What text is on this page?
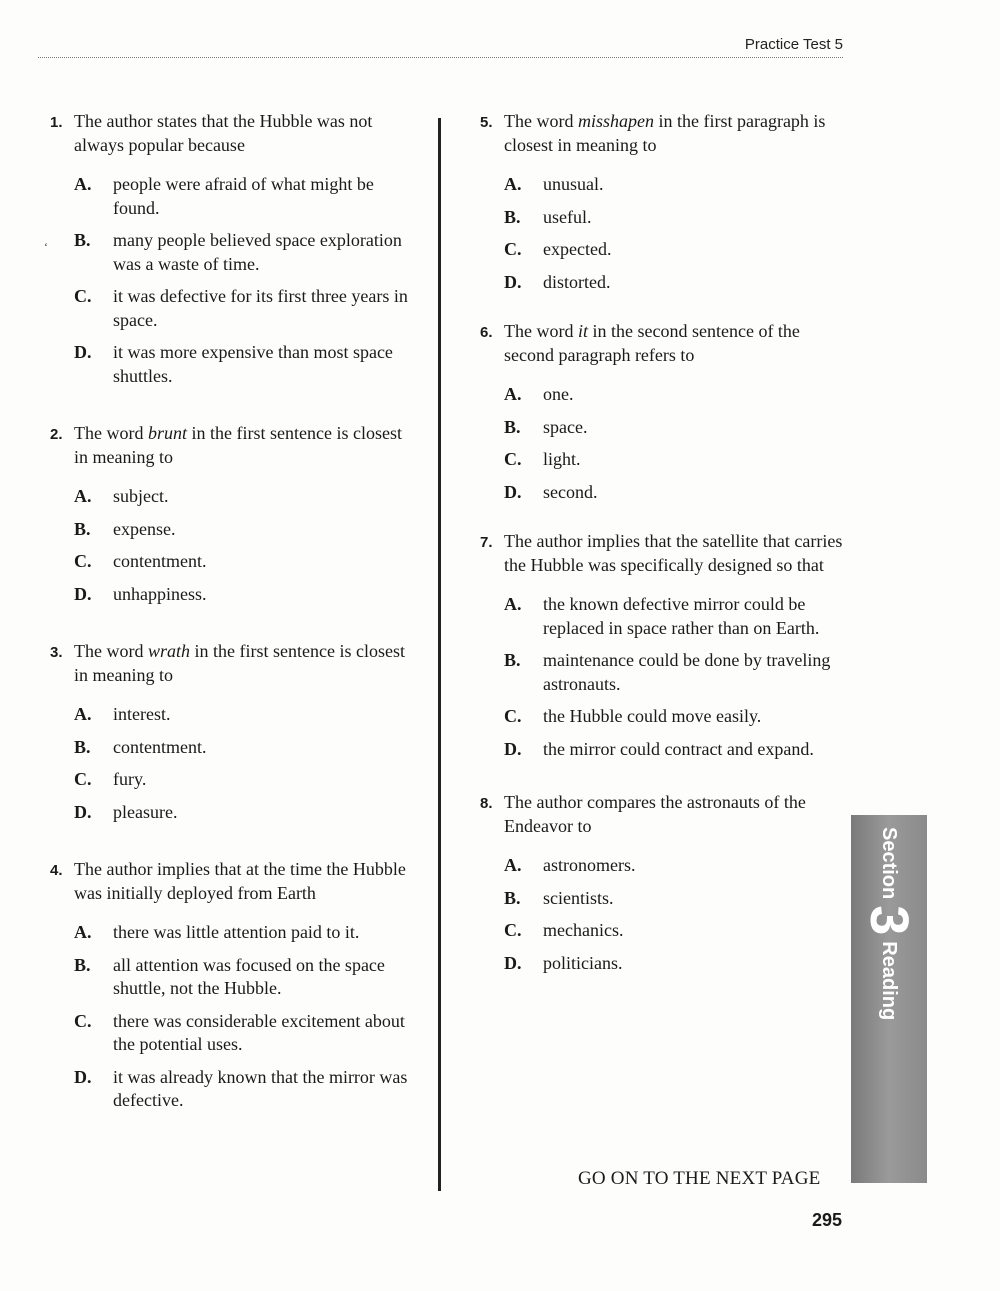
Practice Test 5
‘
1. The author states that the Hubble was not always popular because
A.	people were afraid of what might be found.
B.	many people believed space exploration was a waste of time.
C.	it was defective for its first three years in space.
D.	it was more expensive than most space shuttles.
2. The word brunt in the first sentence is closest in meaning to
A.	subject.
B.	expense.
C.	contentment.
D.	unhappiness.
3. The word wrath in the first sentence is closest in meaning to
A.	interest.
B.	contentment.
C.	fury.
D.	pleasure.
4. The author implies that at the time the Hubble was initially deployed from Earth
A.	there was little attention paid to it.
B.	all attention was focused on the space shuttle, not the Hubble.
C.	there was considerable excitement about the potential uses.
D.	it was already known that the mirror was defective.
5. The word misshapen in the first paragraph is closest in meaning to
A.	unusual.
B.	useful.
C.	expected.
D.	distorted.
6. The word it in the second sentence of the second paragraph refers to
A.	one.
B.	space.
C.	light.
D.	second.
7. The author implies that the satellite that carries the Hubble was specifically designed so that
A.	the known defective mirror could be replaced in space rather than on Earth.
B.	maintenance could be done by traveling astronauts.
C.	the Hubble could move easily.
D.	the mirror could contract and expand.
8. The author compares the astronauts of the Endeavor to
A.	astronomers.
B.	scientists.
C.	mechanics.
D.	politicians.
Section
3
Reading
GO ON TO THE NEXT PAGE
295
